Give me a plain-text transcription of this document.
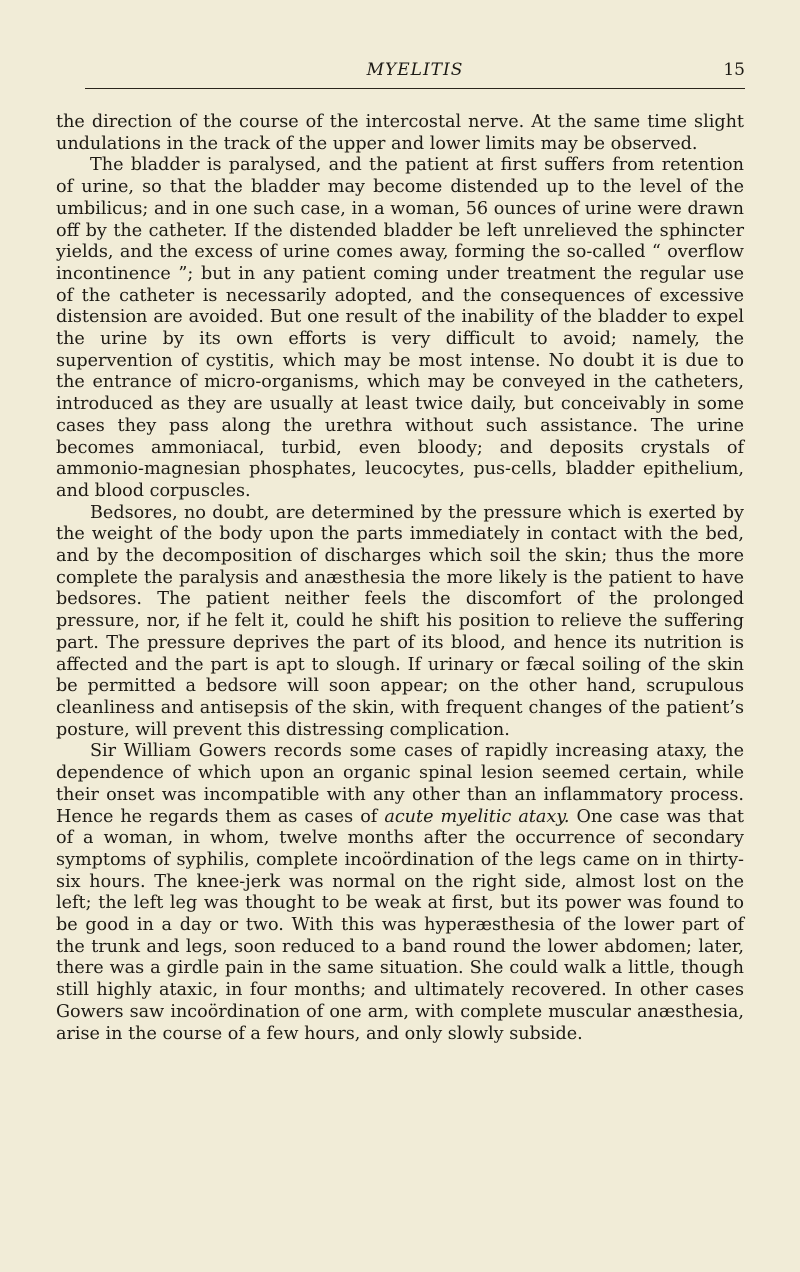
MYELITIS	15

the direction of the course of the intercostal nerve. At the same time slight undulations in the track of the upper and lower limits may be observed.

The bladder is paralysed, and the patient at first suffers from retention of urine, so that the bladder may become distended up to the level of the umbilicus; and in one such case, in a woman, 56 ounces of urine were drawn off by the catheter. If the distended bladder be left unrelieved the sphincter yields, and the excess of urine comes away, forming the so-called “ overflow incontinence ”; but in any patient coming under treatment the regular use of the catheter is necessarily adopted, and the consequences of excessive distension are avoided. But one result of the inability of the bladder to expel the urine by its own efforts is very difficult to avoid; namely, the supervention of cystitis, which may be most intense. No doubt it is due to the entrance of micro-organisms, which may be conveyed in the catheters, introduced as they are usually at least twice daily, but conceivably in some cases they pass along the urethra without such assistance. The urine becomes ammoniacal, turbid, even bloody; and deposits crystals of ammonio-magnesian phosphates, leucocytes, pus-cells, bladder epithelium, and blood corpuscles.

Bedsores, no doubt, are determined by the pressure which is exerted by the weight of the body upon the parts immediately in contact with the bed, and by the decomposition of discharges which soil the skin; thus the more complete the paralysis and anæsthesia the more likely is the patient to have bedsores. The patient neither feels the discomfort of the prolonged pressure, nor, if he felt it, could he shift his position to relieve the suffering part. The pressure deprives the part of its blood, and hence its nutrition is affected and the part is apt to slough. If urinary or fæcal soiling of the skin be permitted a bedsore will soon appear; on the other hand, scrupulous cleanliness and antisepsis of the skin, with frequent changes of the patient’s posture, will prevent this distressing complication.

Sir William Gowers records some cases of rapidly increasing ataxy, the dependence of which upon an organic spinal lesion seemed certain, while their onset was incompatible with any other than an inflammatory process. Hence he regards them as cases of acute myelitic ataxy. One case was that of a woman, in whom, twelve months after the occurrence of secondary symptoms of syphilis, complete incoördination of the legs came on in thirty-six hours. The knee-jerk was normal on the right side, almost lost on the left; the left leg was thought to be weak at first, but its power was found to be good in a day or two. With this was hyperæsthesia of the lower part of the trunk and legs, soon reduced to a band round the lower abdomen; later, there was a girdle pain in the same situation. She could walk a little, though still highly ataxic, in four months; and ultimately recovered. In other cases Gowers saw incoördination of one arm, with complete muscular anæsthesia, arise in the course of a few hours, and only slowly subside.
